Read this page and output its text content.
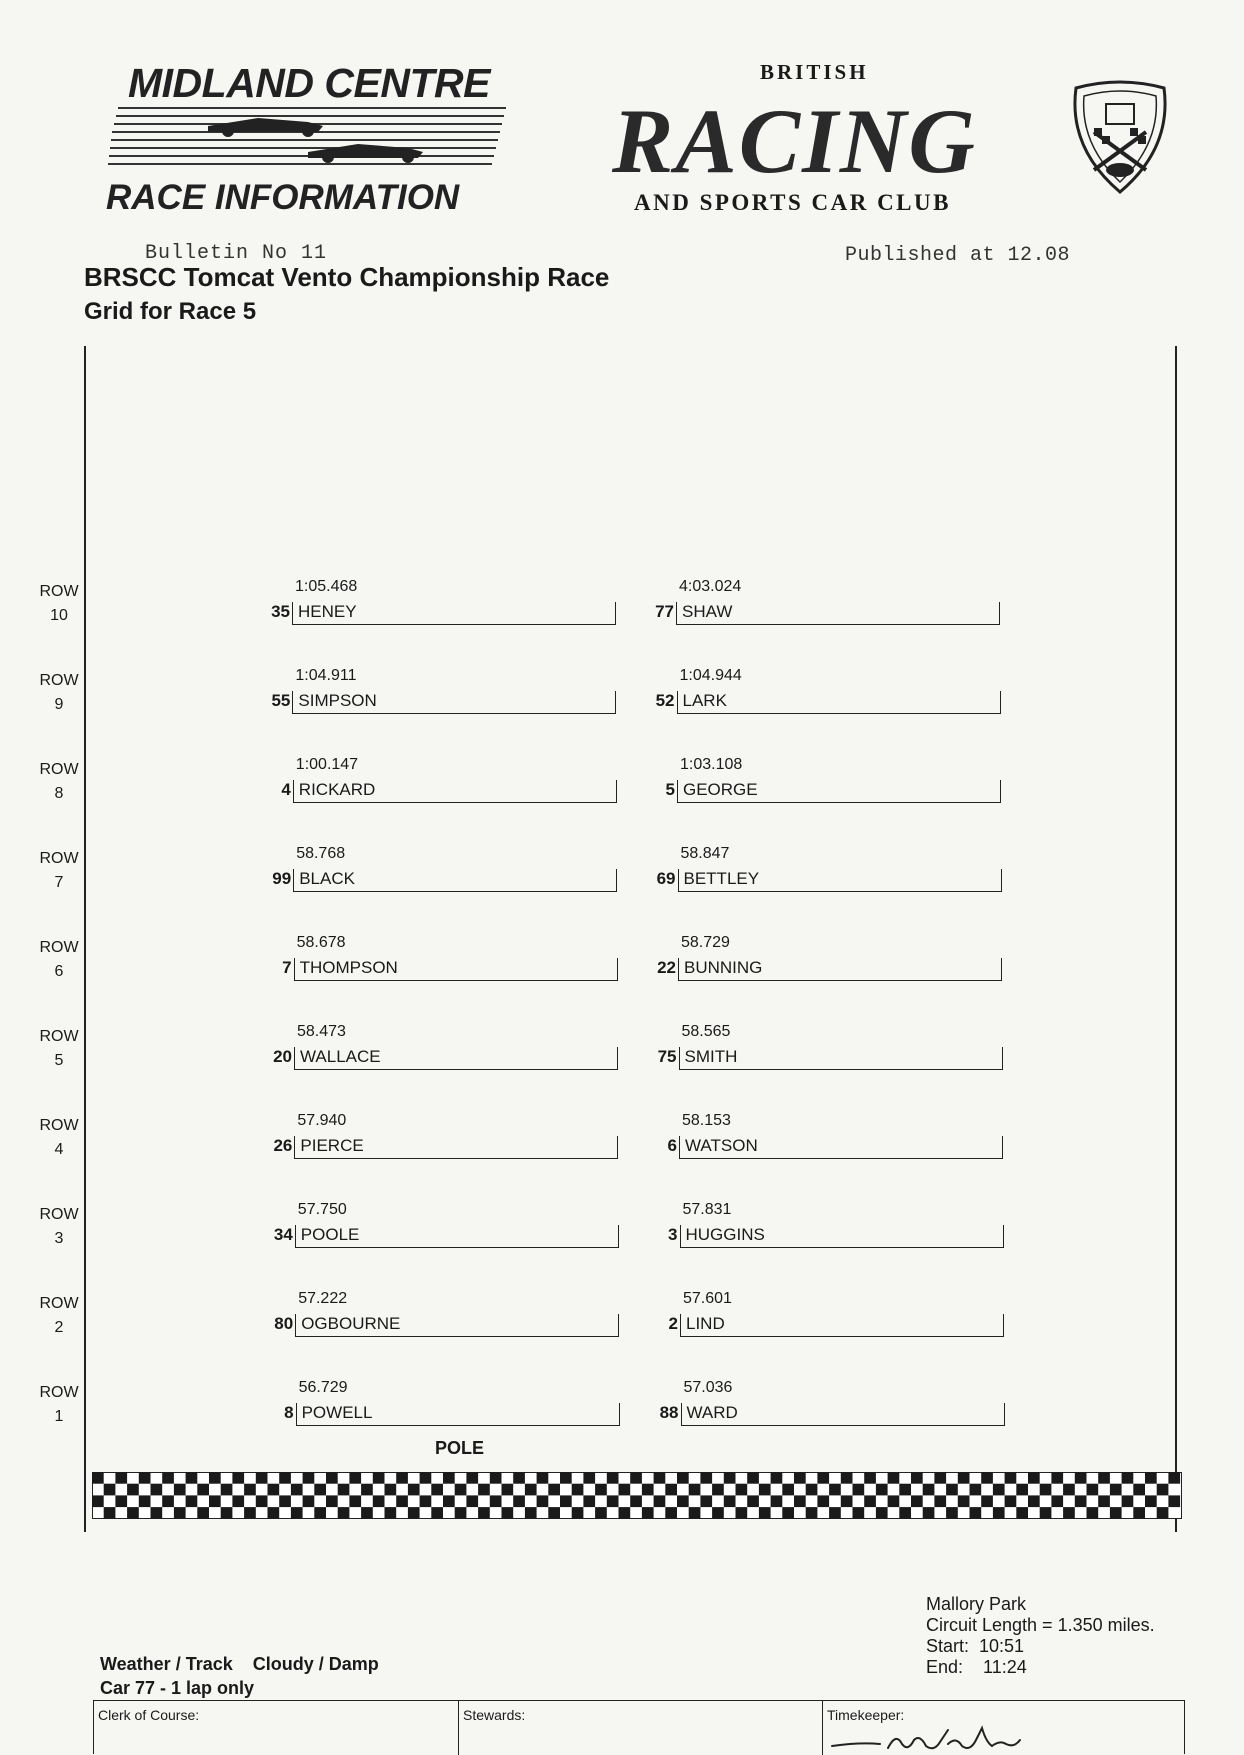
MIDLAND CENTRE
RACE INFORMATION
BRITISH
RACING
AND SPORTS CAR CLUB
Bulletin No 11	Published at 12.08
BRSCC Tomcat Vento Championship Race
Grid for Race 5
ROW
10
1:05.468
35 HENEY
4:03.024
77 SHAW
ROW
9
1:04.911
55 SIMPSON
1:04.944
52 LARK
ROW
8
1:00.147
4 RICKARD
1:03.108
5 GEORGE
ROW
7
58.768
99 BLACK
58.847
69 BETTLEY
ROW
6
58.678
7 THOMPSON
58.729
22 BUNNING
ROW
5
58.473
20 WALLACE
58.565
75 SMITH
ROW
4
57.940
26 PIERCE
58.153
6 WATSON
ROW
3
57.750
34 POOLE
57.831
3 HUGGINS
ROW
2
57.222
80 OGBOURNE
57.601
2 LIND
ROW
1
56.729
8 POWELL
57.036
88 WARD
POLE
Mallory Park
Circuit Length = 1.350 miles.
Start:  10:51
End:    11:24
Weather / Track    Cloudy / Damp
Car 77 - 1 lap only
Clerk of Course:	Stewards:	Timekeeper:
